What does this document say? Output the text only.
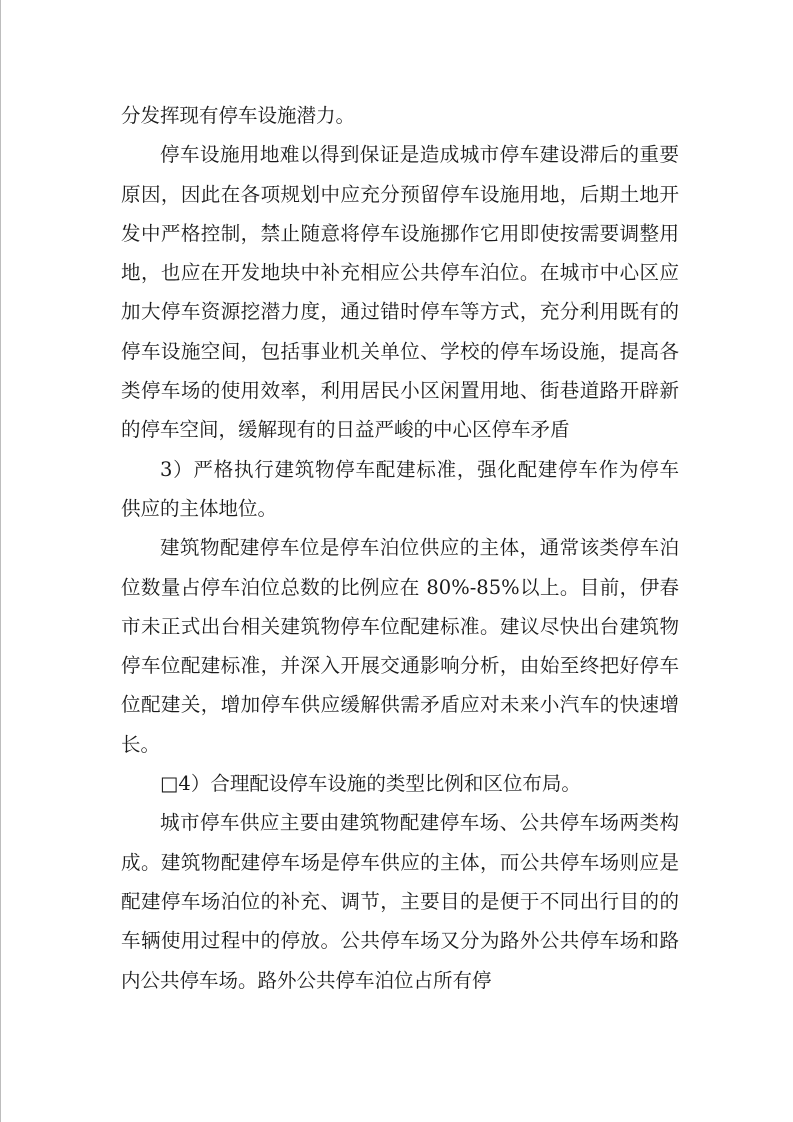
分发挥现有停车设施潜力。

停车设施用地难以得到保证是造成城市停车建设滞后的重要原因，因此在各项规划中应充分预留停车设施用地，后期土地开发中严格控制，禁止随意将停车设施挪作它用即使按需要调整用地，也应在开发地块中补充相应公共停车泊位。在城市中心区应加大停车资源挖潜力度，通过错时停车等方式，充分利用既有的停车设施空间，包括事业机关单位、学校的停车场设施，提高各类停车场的使用效率，利用居民小区闲置用地、街巷道路开辟新的停车空间，缓解现有的日益严峻的中心区停车矛盾

3）严格执行建筑物停车配建标准，强化配建停车作为停车供应的主体地位。

建筑物配建停车位是停车泊位供应的主体，通常该类停车泊位数量占停车泊位总数的比例应在 80%-85%以上。目前，伊春市未正式出台相关建筑物停车位配建标准。建议尽快出台建筑物停车位配建标准，并深入开展交通影响分析，由始至终把好停车位配建关，增加停车供应缓解供需矛盾应对未来小汽车的快速增长。

□4）合理配设停车设施的类型比例和区位布局。

城市停车供应主要由建筑物配建停车场、公共停车场两类构成。建筑物配建停车场是停车供应的主体，而公共停车场则应是配建停车场泊位的补充、调节，主要目的是便于不同出行目的的车辆使用过程中的停放。公共停车场又分为路外公共停车场和路内公共停车场。路外公共停车泊位占所有停
